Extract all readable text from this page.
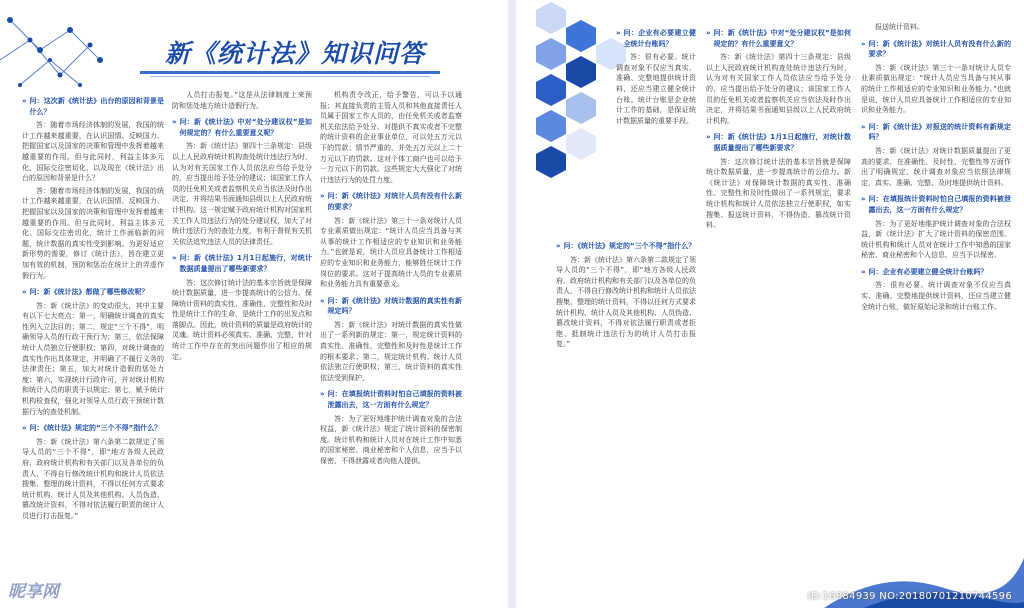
新《统计法》知识问答
» 问：这次新《统计法》出台的原因和背景是什么？
答：随着市场经济体制的发展，我国的统计工作越来越重要，在认识国情、反映国力、把握国家以及国家的决策和管理中发挥着越来越重要的作用。但与此同时，利益主体多元化、国际交往密切化，以及现在《统计法》出台的原因和背景是什么？
答：随着市场经济体制的发展，我国的统计工作越来越重要，在认识国情、反映国力、把握国家以及国家的决策和管理中发挥着越来越重要的作用。但与此同时，利益主体多元化、国际交往密切化，统计工作面临新的问题，统计数据的真实性受到影响。为更好适应新形势的需要，修订《统计法》，旨在建立更加有效的机制，预防和惩治在统计上的弄虚作假行为。
» 问：新《统计法》都做了哪些修改呢？
答：新《统计法》的变动很大，其中主要有以下七大亮点：第一，明确统计调查的真实性列入立法目的；第二，规定“三个不得”，明确领导人员的行政干预行为；第三，依法保障统计人员独立行使职权；第四，对统计调查的真实性作出具体规定，并明确了不履行义务的法律责任；第五，加大对统计造假的惩处力度；第六，实现统计行政许可，并对统计机构和统计人员的职责予以规定；第七，赋予统计机构检查权，强化对领导人员行政干预统计数据行为的查处机制。
» 问：《统计法》规定的“三个不得”指什么？
答：新《统计法》第六条第二款规定了领导人员的“三个不得”，即“地方各级人民政府、政府统计机构和有关部门以及各单位的负责人，不得自行修改统计机构和统计人员依法搜集、整理的统计资料，不得以任何方式要求统计机构、统计人员及其他机构、人员伪造、篡改统计资料，不得对依法履行职责的统计人员进行打击报复。”
人员打击报复。”这是从法律制度上来预防和惩处地方统计造假行为。
» 问：新《统计法》中对“处分建议权”是如何规定的？有什么重要意义呢？
答：新《统计法》第四十三条规定：县级以上人民政府统计机构查处统计违法行为时，认为对有关国家工作人员依法应当给予处分的，应当提出给予处分的建议；该国家工作人员的任免机关或者监察机关应当依法及时作出决定，并将结果书面通知县级以上人民政府统计机构。这一规定赋予政府统计机构对国家机关工作人员违法行为的处分建议权，加大了对统计违法行为的查处力度，有利于督促有关机关依法追究违法人员的法律责任。
» 问：新《统计法》1月1日起施行，对统计数据质量提出了哪些新要求？
答：这次修订统计法的基本宗旨就是保障统计数据质量，进一步提高统计的公信力。保障统计资料的真实性、准确性、完整性和及时性是统计工作的生命，是统计工作的出发点和落脚点。因此，统计资料的质量是政府统计的灵魂。统计资料必须真实、准确、完整，针对统计工作中存在的突出问题作出了相应的规定。
机构责令改正，给予警告，可以予以通报；其直接负责的主管人员和其他直接责任人员属于国家工作人员的，由任免机关或者监察机关依法给予处分。对提供不真实或者不完整的统计资料的企业事业单位，可以处五万元以下的罚款；情节严重的，并处五万元以上二十万元以下的罚款。这对个体工商户也可以给予一万元以下的罚款。这些规定大大强化了对统计违法行为的处罚力度。
» 问：新《统计法》对统计人员有没有什么新的要求？
答：新《统计法》第三十一条对统计人员专业素质做出规定：“统计人员应当具备与其从事的统计工作相适应的专业知识和业务能力。”也就是说，统计人员应具备统计工作相适应的专业知识和业务能力，能够胜任统计工作岗位的要求。这对于提高统计人员的专业素质和业务能力具有重要意义。
» 问：新《统计法》对统计数据的真实性有新规定吗？
答：新《统计法》对统计数据的真实性做出了一系列新的规定：第一，规定统计资料的真实性、准确性、完整性和及时性是统计工作的根本要求；第二，规定统计机构、统计人员依法独立行使职权；第三，统计资料的真实性依法受到保护。
» 问：在填报统计资料时怕自己填报的资料被泄露出去，这一方面有什么规定？
答：为了更好地维护统计调查对象的合法权益，新《统计法》规定了统计资料的保密制度。统计机构和统计人员对在统计工作中知悉的国家秘密、商业秘密和个人信息，应当予以保密，不得泄露或者向他人提供。
昵享网
» 问：企业有必要建立健全统计台账吗？
答：很有必要。统计调查对象不仅应当真实、准确、完整地提供统计资料，还应当建立健全统计台账。统计台账是企业统计工作的基础，是保证统计数据质量的重要手段。
» 问：《统计法》规定的“三个不得”指什么？
答：新《统计法》第六条第二款规定了领导人员的“三个不得”，即“地方各级人民政府、政府统计机构和有关部门以及各单位的负责人，不得自行修改统计机构和统计人员依法搜集、整理的统计资料，不得以任何方式要求统计机构、统计人员及其他机构、人员伪造、篡改统计资料，不得对依法履行职责或者拒绝、抵制统计违法行为的统计人员打击报复。”
» 问：新《统计法》中对“处分建议权”是如何规定的？有什么重要意义？
答：新《统计法》第四十三条规定：县级以上人民政府统计机构查处统计违法行为时，认为对有关国家工作人员依法应当给予处分的，应当提出给予处分的建议；该国家工作人员的任免机关或者监察机关应当依法及时作出决定，并将结果书面通知县级以上人民政府统计机构。
» 问：新《统计法》1月1日起施行，对统计数据质量提出了哪些新要求？
答：这次修订统计法的基本宗旨就是保障统计数据质量，进一步提高统计的公信力。新《统计法》对保障统计数据的真实性、准确性、完整性和及时性做出了一系列规定，要求统计机构和统计人员依法独立行使职权，如实搜集、报送统计资料，不得伪造、篡改统计资料。
报送统计资料。
» 问：新《统计法》对统计人员有没有什么新的要求？
答：新《统计法》第三十一条对统计人员专业素质做出规定：“统计人员应当具备与其从事的统计工作相适应的专业知识和业务能力。”也就是说，统计人员应具备统计工作相适应的专业知识和业务能力。
» 问：新《统计法》对报送的统计资料有新规定吗？
答：新《统计法》对统计数据质量提出了更高的要求，在准确性、及时性、完整性等方面作出了明确规定，统计调查对象应当依照法律规定，真实、准确、完整、及时地提供统计资料。
» 问：在填报统计资料时怕自己填报的资料被泄露出去，这一方面有什么规定？
答：为了更好地维护统计调查对象的合法权益，新《统计法》扩大了统计资料的保密范围。统计机构和统计人员对在统计工作中知悉的国家秘密、商业秘密和个人信息，应当予以保密。
» 问：企业有必要建立健全统计台账吗？
答：很有必要。统计调查对象不仅应当真实、准确、完整地提供统计资料，还应当建立健全统计台账，做好原始记录和统计台账工作。
ID:16884939 NO:20180701210744596
